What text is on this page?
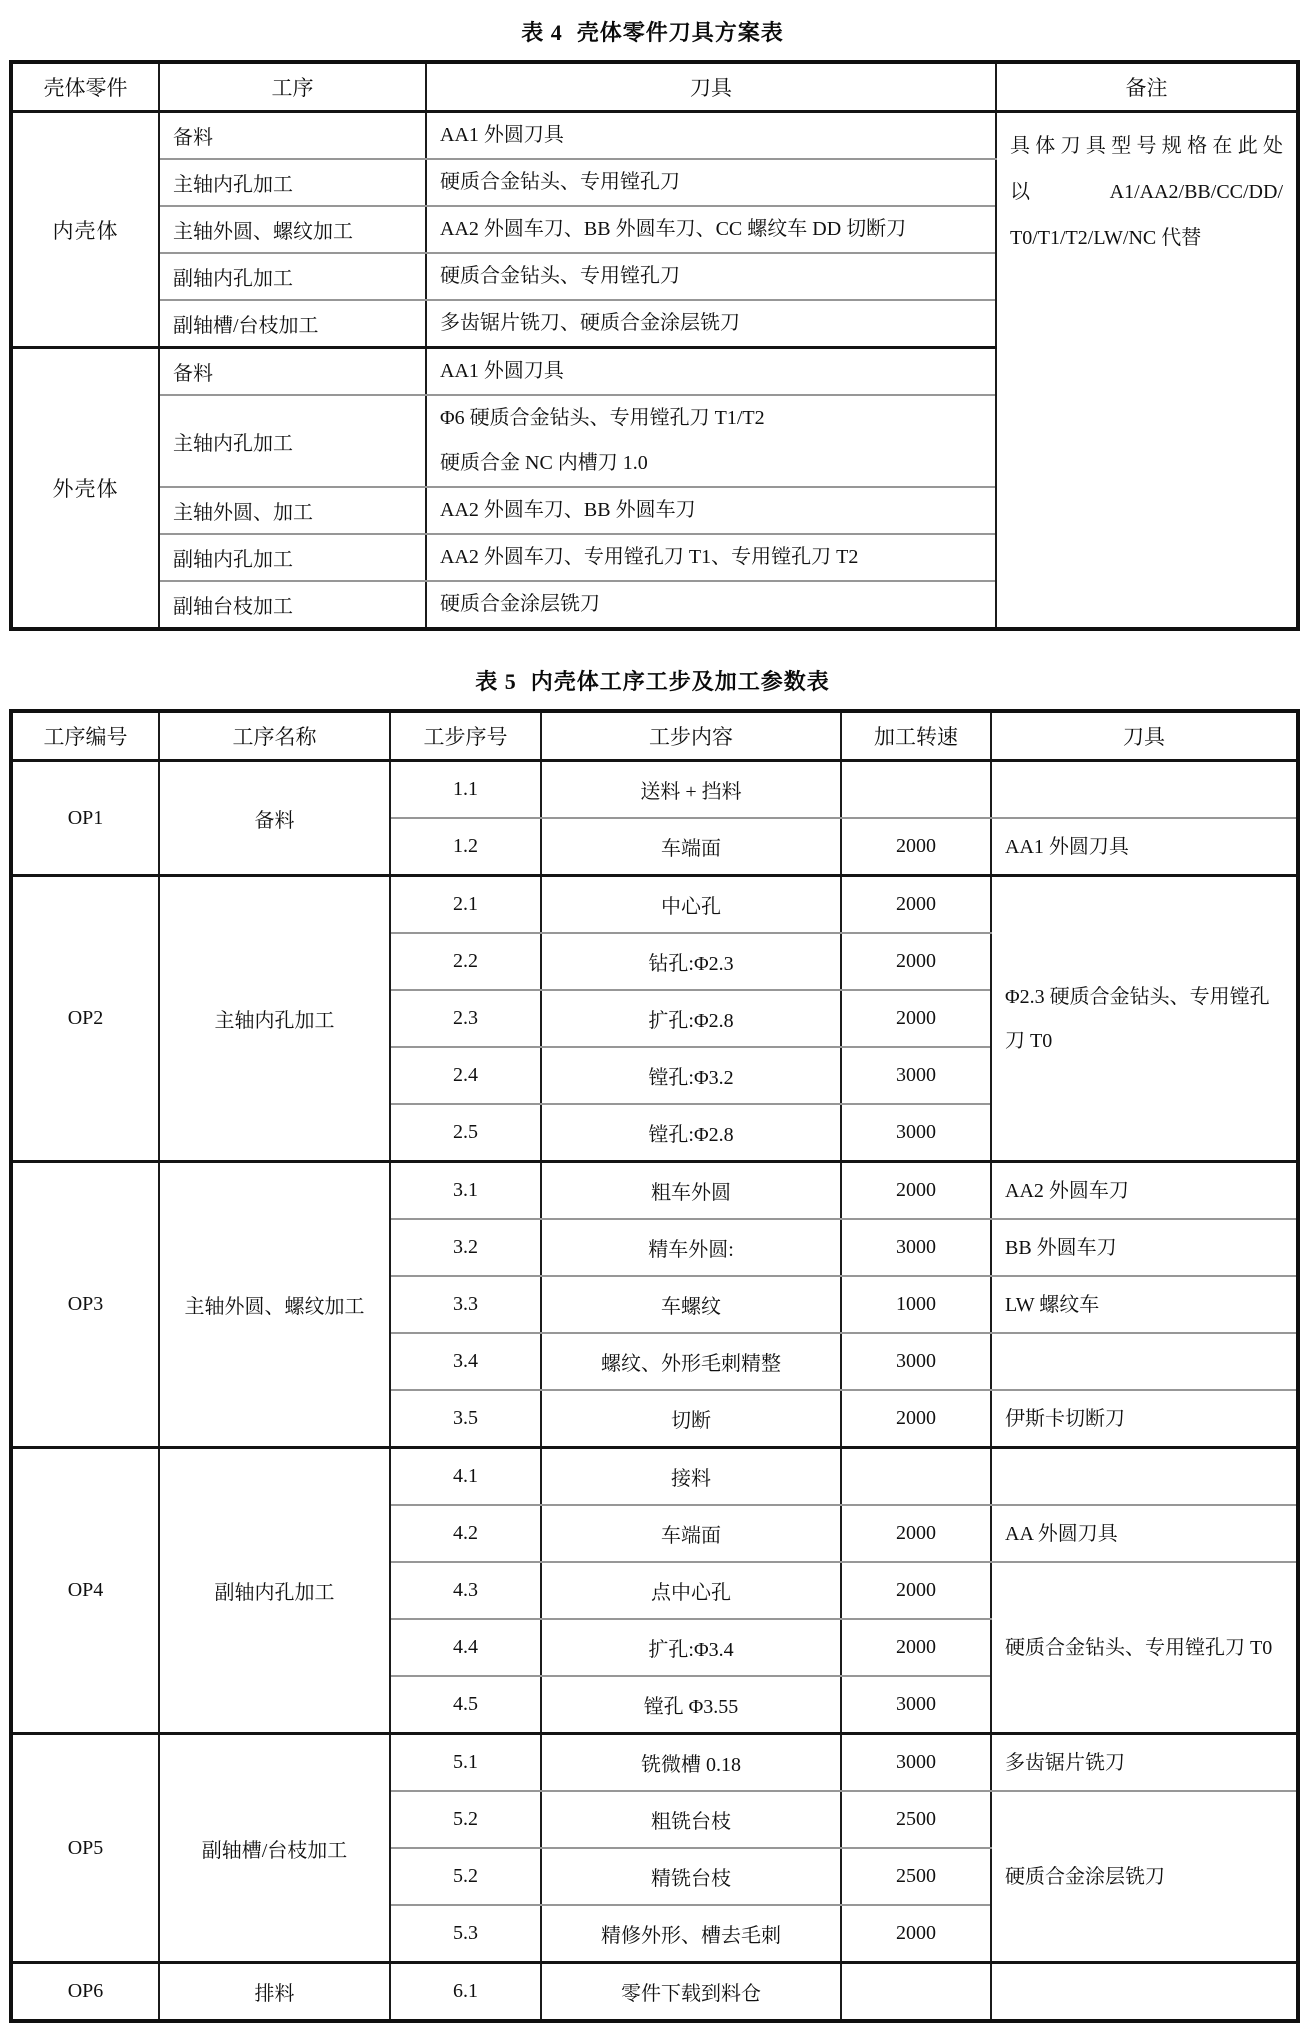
表 4 壳体零件刀具方案表
壳体零件	工序	刀具	备注
内壳体	备料	AA1 外圆刀具	具体刀具型号规格在此处
以 A1/AA2/BB/CC/DD/
T0/T1/T2/LW/NC 代替

	主轴内孔加工	硬质合金钻头、专用镗孔刀	

	主轴外圆、螺纹加工	AA2 外圆车刀、BB 外圆车刀、CC 螺纹车 DD 切断刀	

	副轴内孔加工	硬质合金钻头、专用镗孔刀	

	副轴槽/台枝加工	多齿锯片铣刀、硬质合金涂层铣刀	

外壳体	备料	AA1 外圆刀具	

	主轴内孔加工	Φ6 硬质合金钻头、专用镗孔刀 T1/T2
硬质合金 NC 内槽刀 1.0	

	主轴外圆、加工	AA2 外圆车刀、BB 外圆车刀	

	副轴内孔加工	AA2 外圆车刀、专用镗孔刀 T1、专用镗孔刀 T2	

	副轴台枝加工	硬质合金涂层铣刀	
表 5 内壳体工序工步及加工参数表
工序编号	工序名称	工步序号	工步内容	加工转速	刀具
OP1	备料	1.1	送料 + 挡料		
		1.2	车端面	2000	AA1 外圆刀具
OP2	主轴内孔加工	2.1	中心孔	2000	Φ2.3 硬质合金钻头、专用镗孔刀 T0
		2.2	钻孔:Φ2.3	2000	
		2.3	扩孔:Φ2.8	2000	
		2.4	镗孔:Φ3.2	3000	
		2.5	镗孔:Φ2.8	3000	
OP3	主轴外圆、螺纹加工	3.1	粗车外圆	2000	AA2 外圆车刀
		3.2	精车外圆:	3000	BB 外圆车刀
		3.3	车螺纹	1000	LW 螺纹车
		3.4	螺纹、外形毛刺精整	3000	
		3.5	切断	2000	伊斯卡切断刀
OP4	副轴内孔加工	4.1	接料		
		4.2	车端面	2000	AA 外圆刀具
		4.3	点中心孔	2000	硬质合金钻头、专用镗孔刀 T0
		4.4	扩孔:Φ3.4	2000	
		4.5	镗孔 Φ3.55	3000	
OP5	副轴槽/台枝加工	5.1	铣微槽 0.18	3000	多齿锯片铣刀
		5.2	粗铣台枝	2500	硬质合金涂层铣刀
		5.2	精铣台枝	2500	
		5.3	精修外形、槽去毛刺	2000	
OP6	排料	6.1	零件下载到料仓		
